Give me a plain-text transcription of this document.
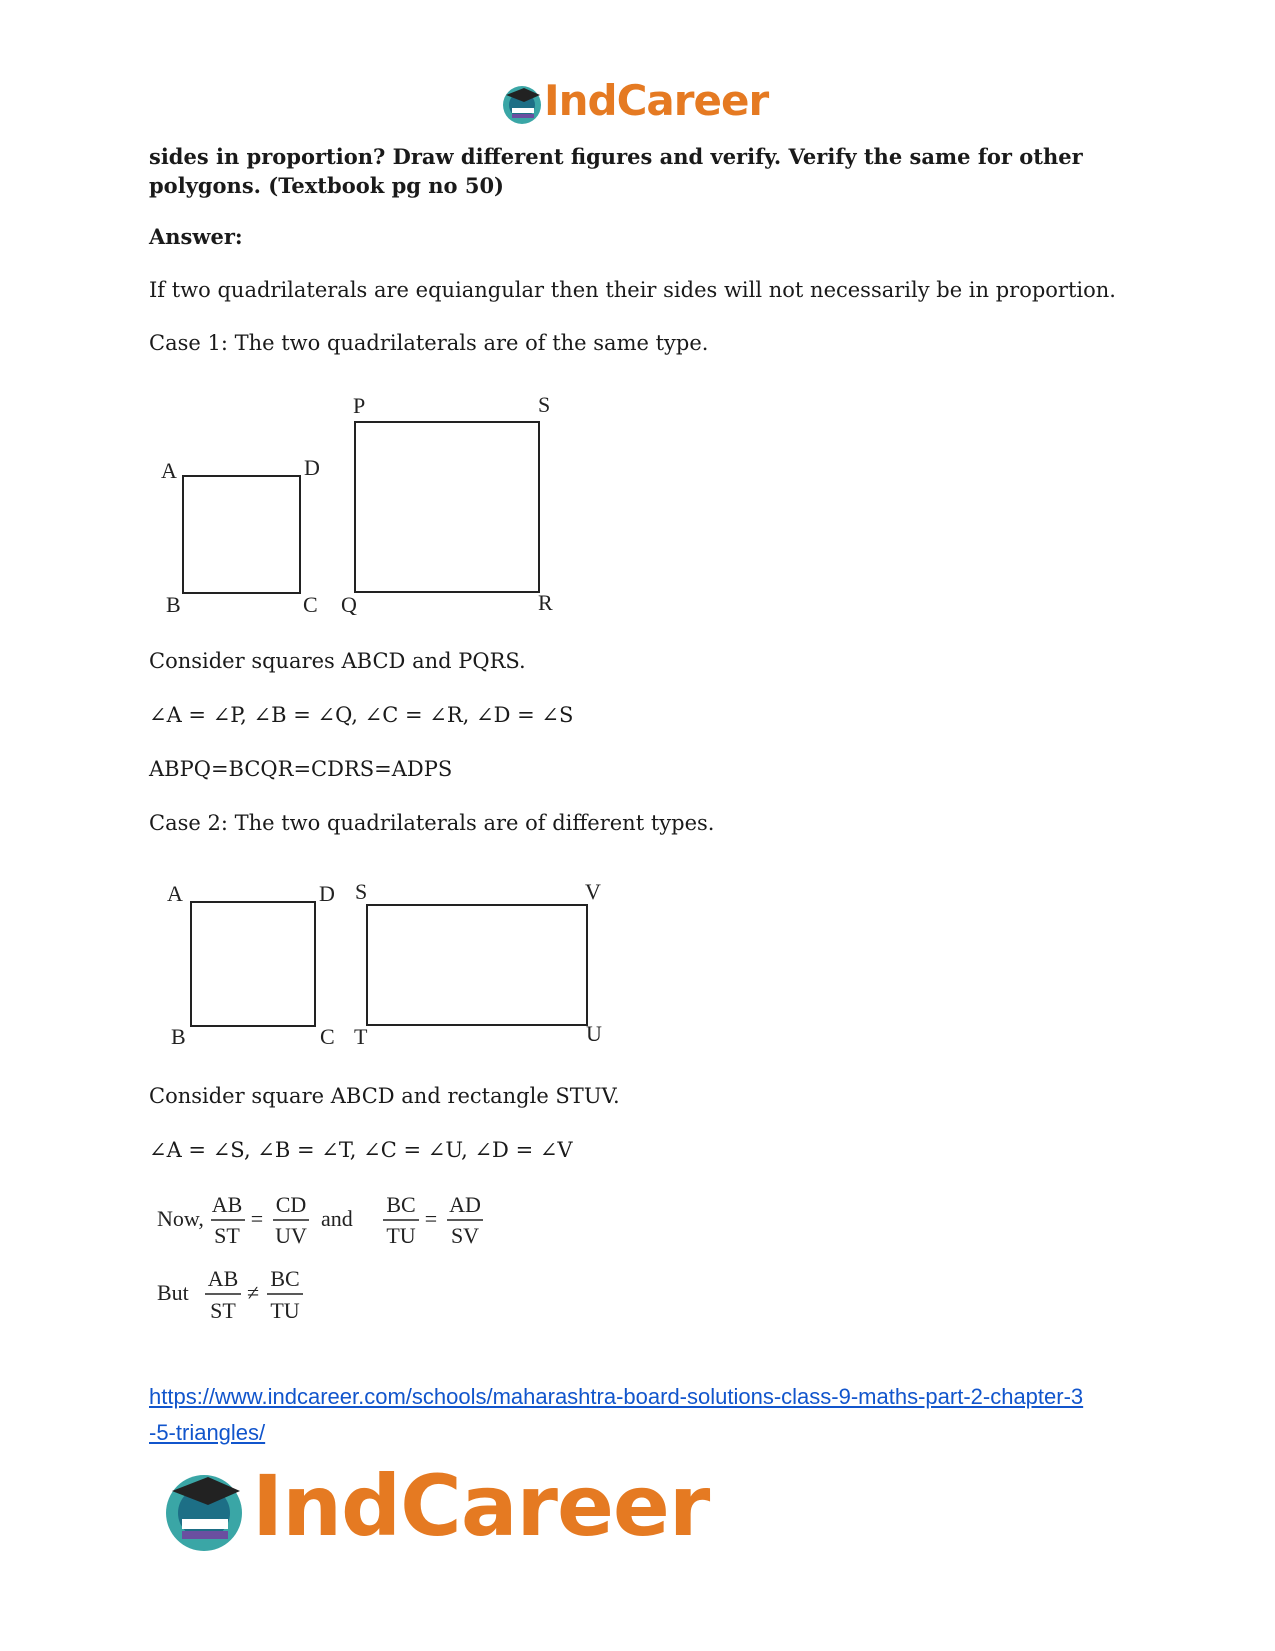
IndCareer
sides in proportion? Draw different figures and verify. Verify the same for other
polygons. (Textbook pg no 50)
Answer:
If two quadrilaterals are equiangular then their sides will not necessarily be in proportion.
Case 1: The two quadrilaterals are of the same type.
A	D
B	C
P	S
Q	R
Consider squares ABCD and PQRS.
∠A = ∠P, ∠B = ∠Q, ∠C = ∠R, ∠D = ∠S
ABPQ=BCQR=CDRS=ADPS
Case 2: The two quadrilaterals are of different types.
A	D
B	C
S	V
T	U
Consider square ABCD and rectangle STUV.
∠A = ∠S, ∠B = ∠T, ∠C = ∠U, ∠D = ∠V
Now,
AB
ST
=
CD
UV
and
BC
TU
=
AD
SV
But
AB
ST
≠
BC
TU
https://www.indcareer.com/schools/maharashtra-board-solutions-class-9-maths-part-2-chapter-3
-5-triangles/
IndCareer
